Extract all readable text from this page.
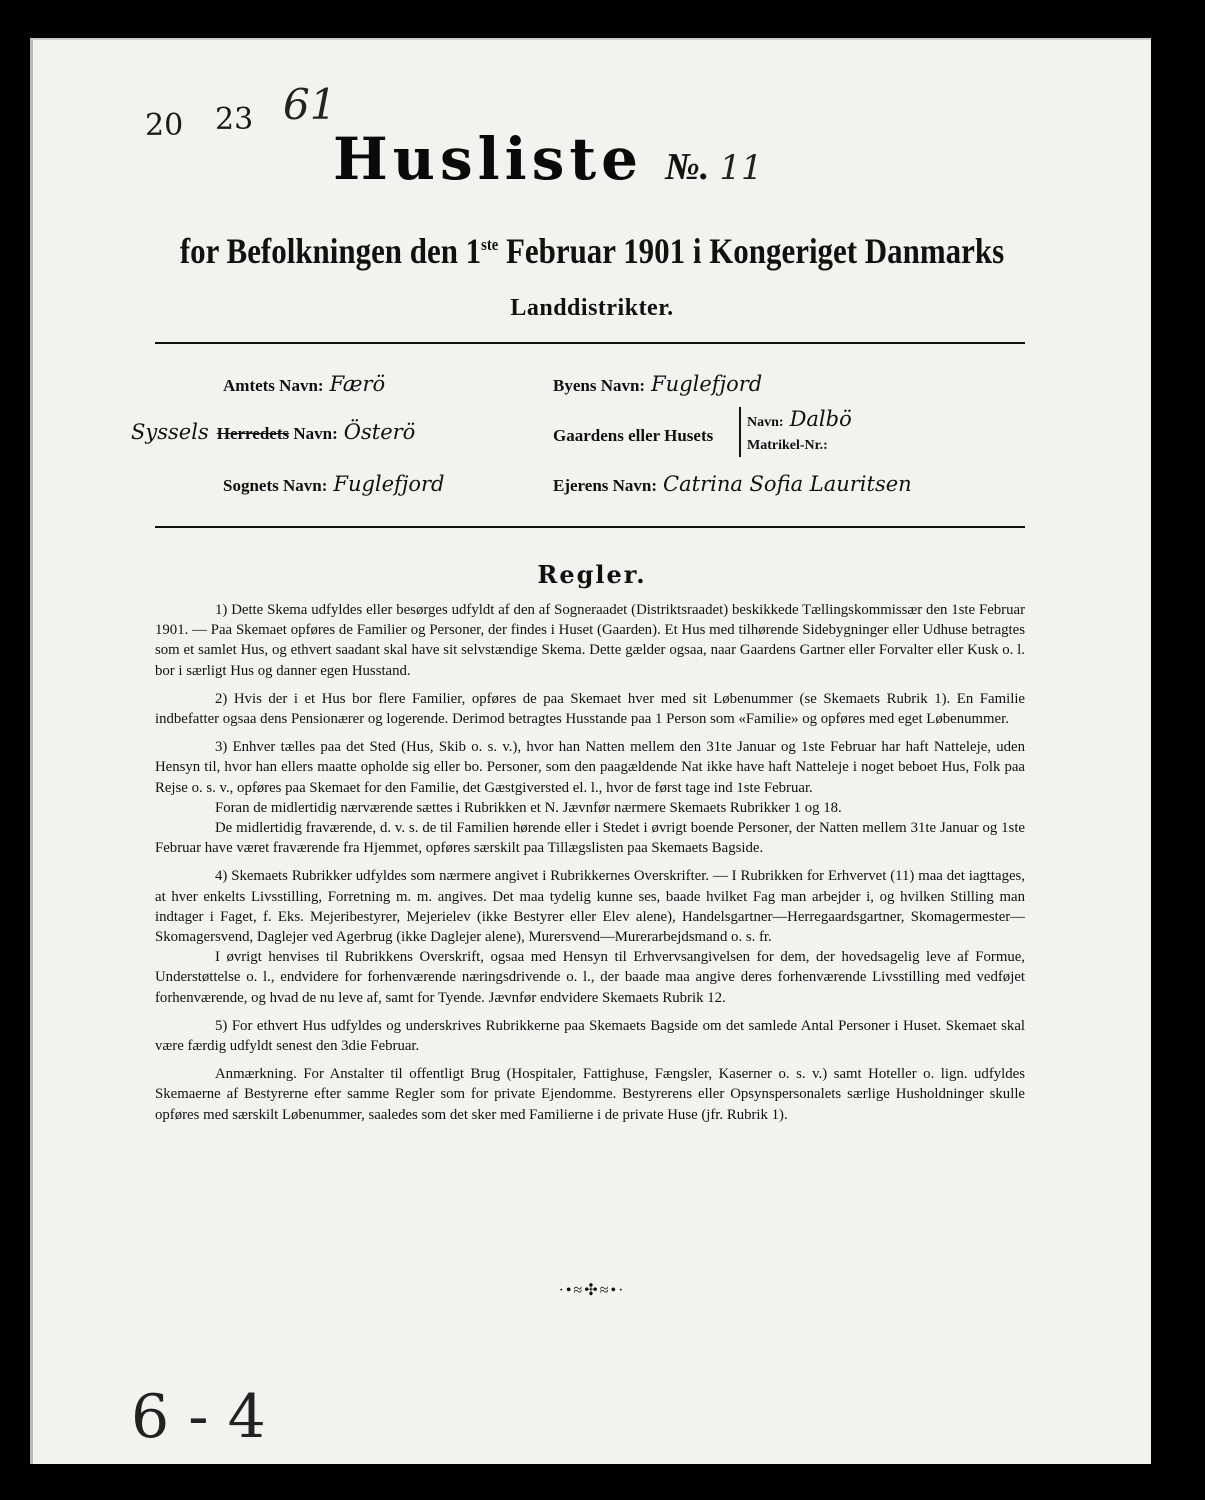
20 23 61
Husliste №. 11
for Befolkningen den 1ste Februar 1901 i Kongeriget Danmarks
Landdistrikter.
Amtets Navn: Færö
Syssels Herredets Navn: Österö
Sognets Navn: Fuglefjord
Byens Navn: Fuglefjord
Gaardens eller Husets
Navn: Dalbö
Matrikel-Nr.:
Ejerens Navn: Catrina Sofia Lauritsen
Regler.

1) Dette Skema udfyldes eller besørges udfyldt af den af Sogneraadet (Distriktsraadet) beskikkede Tællingskommissær den 1ste Februar 1901. — Paa Skemaet opføres de Familier og Personer, der findes i Huset (Gaarden). Et Hus med tilhørende Sidebygninger eller Udhuse betragtes som et samlet Hus, og ethvert saadant skal have sit selvstændige Skema. Dette gælder ogsaa, naar Gaardens Gartner eller Forvalter eller Kusk o. l. bor i særligt Hus og danner egen Husstand.

2) Hvis der i et Hus bor flere Familier, opføres de paa Skemaet hver med sit Løbenummer (se Skemaets Rubrik 1). En Familie indbefatter ogsaa dens Pensionærer og logerende. Derimod betragtes Husstande paa 1 Person som «Familie» og opføres med eget Løbenummer.

3) Enhver tælles paa det Sted (Hus, Skib o. s. v.), hvor han Natten mellem den 31te Januar og 1ste Februar har haft Natteleje, uden Hensyn til, hvor han ellers maatte opholde sig eller bo. Personer, som den paagældende Nat ikke have haft Natteleje i noget beboet Hus, Folk paa Rejse o. s. v., opføres paa Skemaet for den Familie, det Gæstgiversted el. l., hvor de først tage ind 1ste Februar.

Foran de midlertidig nærværende sættes i Rubrikken et N. Jævnfør nærmere Skemaets Rubrikker 1 og 18.

De midlertidig fraværende, d. v. s. de til Familien hørende eller i Stedet i øvrigt boende Personer, der Natten mellem 31te Januar og 1ste Februar have været fraværende fra Hjemmet, opføres særskilt paa Tillægslisten paa Skemaets Bagside.

4) Skemaets Rubrikker udfyldes som nærmere angivet i Rubrikkernes Overskrifter. — I Rubrikken for Erhvervet (11) maa det iagttages, at hver enkelts Livsstilling, Forretning m. m. angives. Det maa tydelig kunne ses, baade hvilket Fag man arbejder i, og hvilken Stilling man indtager i Faget, f. Eks. Mejeribestyrer, Mejerielev (ikke Bestyrer eller Elev alene), Handelsgartner—Herregaardsgartner, Skomagermester—Skomagersvend, Daglejer ved Agerbrug (ikke Daglejer alene), Murersvend—Murerarbejdsmand o. s. fr.

I øvrigt henvises til Rubrikkens Overskrift, ogsaa med Hensyn til Erhvervsangivelsen for dem, der hovedsagelig leve af Formue, Understøttelse o. l., endvidere for forhenværende næringsdrivende o. l., der baade maa angive deres forhenværende Livsstilling med vedføjet forhenværende, og hvad de nu leve af, samt for Tyende. Jævnfør endvidere Skemaets Rubrik 12.

5) For ethvert Hus udfyldes og underskrives Rubrikkerne paa Skemaets Bagside om det samlede Antal Personer i Huset. Skemaet skal være færdig udfyldt senest den 3die Februar.

Anmærkning. For Anstalter til offentligt Brug (Hospitaler, Fattighuse, Fængsler, Kaserner o. s. v.) samt Hoteller o. lign. udfyldes Skemaerne af Bestyrerne efter samme Regler som for private Ejendomme. Bestyrerens eller Opsynspersonalets særlige Husholdninger skulle opføres med særskilt Løbenummer, saaledes som det sker med Familierne i de private Huse (jfr. Rubrik 1).

·•≈✣≈•·
6 - 4
